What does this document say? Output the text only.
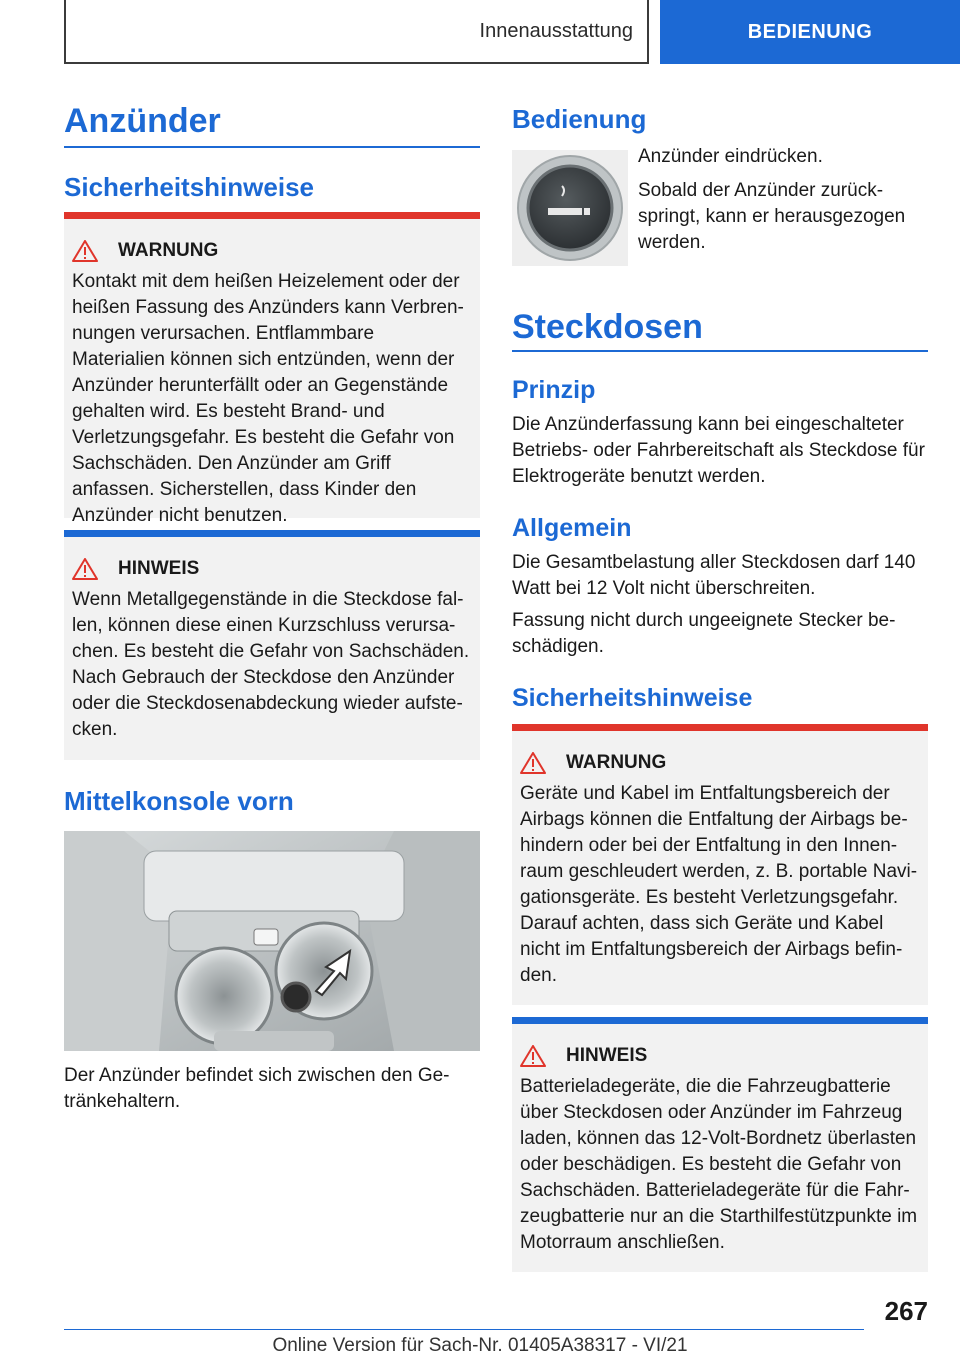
Innenausstattung	BEDIENUNG
Anzünder
Sicherheitshinweise
WARNUNG
Kontakt mit dem heißen Heizelement oder der heißen Fassung des Anzünders kann Verbren-nungen verursachen. Entflammbare Materialien können sich entzünden, wenn der Anzünder herunterfällt oder an Gegenstände gehalten wird. Es besteht Brand- und Verletzungsgefahr. Es besteht die Gefahr von Sachschäden. Den Anzünder am Griff anfassen. Sicherstellen, dass Kinder den Anzünder nicht benutzen.
HINWEIS
Wenn Metallgegenstände in die Steckdose fal-len, können diese einen Kurzschluss verursa-chen. Es besteht die Gefahr von Sachschäden. Nach Gebrauch der Steckdose den Anzünder oder die Steckdosenabdeckung wieder aufste-cken.
Mittelkonsole vorn

Der Anzünder befindet sich zwischen den Ge-tränkehaltern.

Bedienung

Anzünder eindrücken.

Sobald der Anzünder zurück-springt, kann er herausgezogen werden.

Steckdosen
Prinzip

Die Anzünderfassung kann bei eingeschalteter Betriebs- oder Fahrbereitschaft als Steckdose für Elektrogeräte benutzt werden.

Allgemein

Die Gesamtbelastung aller Steckdosen darf 140 Watt bei 12 Volt nicht überschreiten.

Fassung nicht durch ungeeignete Stecker be-schädigen.

Sicherheitshinweise
WARNUNG
Geräte und Kabel im Entfaltungsbereich der Airbags können die Entfaltung der Airbags be-hindern oder bei der Entfaltung in den Innen-raum geschleudert werden, z. B. portable Navi-gationsgeräte. Es besteht Verletzungsgefahr. Darauf achten, dass sich Geräte und Kabel nicht im Entfaltungsbereich der Airbags befin-den.
HINWEIS
Batterieladegeräte, die die Fahrzeugbatterie über Steckdosen oder Anzünder im Fahrzeug laden, können das 12-Volt-Bordnetz überlasten oder beschädigen. Es besteht die Gefahr von Sachschäden. Batterieladegeräte für die Fahr-zeugbatterie nur an die Starthilfestützpunkte im Motorraum anschließen.
267
Online Version für Sach-Nr. 01405A38317 - VI/21
